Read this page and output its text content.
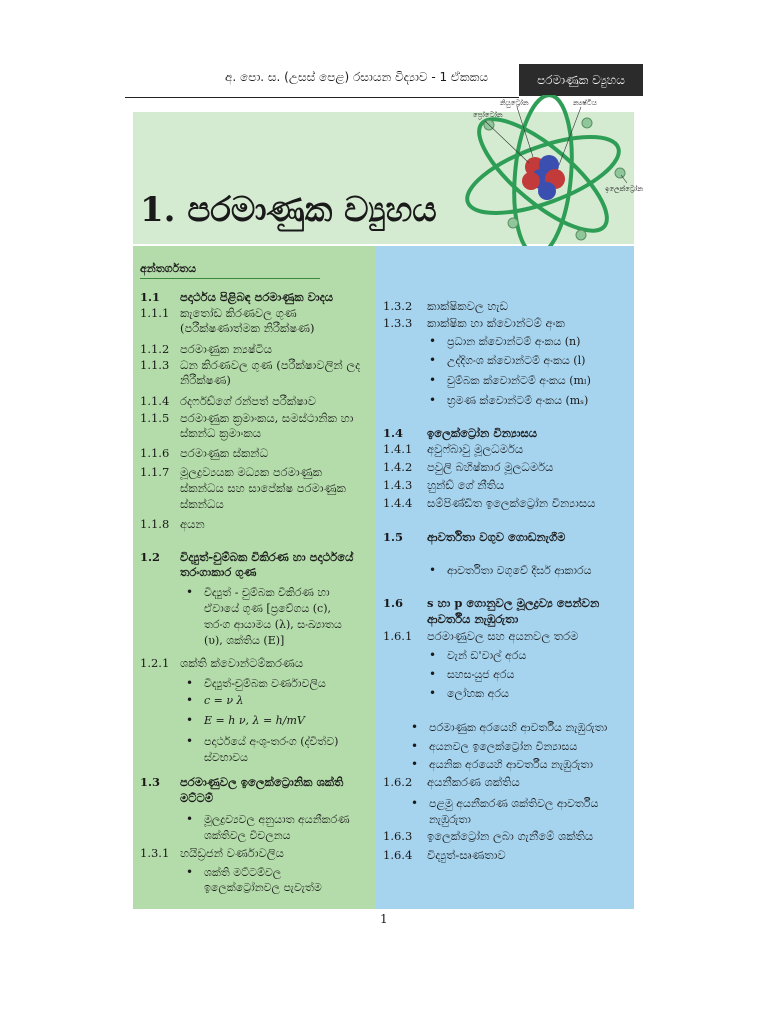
අ. පො. ස. (උසස් පෙළ) රසායන විද්‍යාව - 1 ඒකකය	පරමාණුක ව්‍යුහය
1. පරමාණුක ව්‍යුහය
නියුට්‍රෝන
ප්‍රෝටෝන
න්‍යෂ්ටිය
ඉලෙක්ට්‍රෝන
අන්තර්ගතය
1.1 පදාර්ථය පිළිබඳ පරමාණුක වාදය
1.1.1 කැතෝඩ කිරණවල ගුණ
(පරීක්ෂණාත්මක නිරීක්ෂණ)
1.1.2 පරමාණුක න්‍යෂ්ටිය
1.1.3 ධන කිරණවල ගුණ (පරීක්ෂාවලින් ලද
නිරීක්ෂණ)
1.1.4 රදර්ෆඩ්ගේ රන්පත් පරීක්ෂාව
1.1.5 පරමාණුක ක්‍රමාංකය, සමස්ථානික හා
ස්කන්ධ ක්‍රමාංකය
1.1.6 පරමාණුක ස්කන්ධ
1.1.7 මූලද්‍රව්‍යයක මධ්‍යක පරමාණුක
ස්කන්ධය සහ සාපේක්ෂ පරමාණුක
ස්කන්ධය
1.1.8 අයන
1.2 විද්‍යුත්-චුම්බක විකිරණ හා පදාර්ථයේ
තරංගාකාර ගුණ
• විද්‍යුත් - චුම්බක විකිරණ හා
ඒවායේ ගුණ [ප්‍රවේගය (c),
තරංග ආයාමය (λ), සංඛ්‍යාතය
(υ), ශක්තිය (E)]
1.2.1 ශක්ති ක්වොන්ටම්කරණය
• විද්‍යුත්-චුම්බක වර්ණාවලිය
• c = ν λ
• E = h ν, λ = h/mV
• පදාර්ථයේ අංශු-තරංග (ද්විත්ව)
ස්වභාවය
1.3 පරමාණුවල ඉලෙක්ට්‍රොනික ශක්ති
මට්ටම්
• මූලද්‍රව්‍යවල අනුයාත අයනීකරණ
ශක්තිවල විචලනය
1.3.1 හයිඩ්‍රජන් වර්ණාවලිය
• ශක්ති මට්ටම්වල
ඉලෙක්ට්‍රෝනවල පැවැත්ම
1.3.2 කාක්ෂිකවල හැඩ
1.3.3 කාක්ෂික හා ක්වොන්ටම් අංක
• ප්‍රධාන ක්වොන්ටම් අංකය (n)
• උද්දිගංශ ක්වොන්ටම් අංකය (l)
• චුම්බක ක්වොන්ටම් අංකය (mₗ)
• භ්‍රමණ ක්වොන්ටම් අංකය (mₛ)
1.4 ඉලෙක්ට්‍රෝන වින්‍යාසය
1.4.1 අවුෆ්බාවු මූලධර්මය
1.4.2 පවුලි බහිෂ්කාර මූලධර්මය
1.4.3 හුන්ඩ් ගේ නීතිය
1.4.4 සම්පිණ්ඩිත ඉලෙක්ට්‍රෝන වින්‍යාසය
1.5 ආවර්තිතා වගුව ගොඩනැගීම
• ආවර්තිතා වගුවේ දීර්ඝ ආකාරය
1.6 s හා p ගොනුවල මූලද්‍රව්‍ය පෙන්වන
ආවර්තීය නැඹුරුතා
1.6.1 පරමාණුවල සහ අයනවල තරම
• වැන් ඩ'වාල් අරය
• සහසංයුජ අරය
• ලෝහක අරය
• පරමාණුක අරයෙහි ආවර්තීය නැඹුරුතා
• අයනවල ඉලෙක්ට්‍රෝන වින්‍යාසය
• අයනික අරයෙහි ආවර්තීය නැඹුරුතා
1.6.2 අයනීකරණ ශක්තිය
• පළමු අයනීකරණ ශක්තිවල ආවර්තීය
නැඹුරුතා
1.6.3 ඉලෙක්ට්‍රෝන ලබා ගැනීමේ ශක්තිය
1.6.4 විද්‍යුත්-සෘණතාව
1
